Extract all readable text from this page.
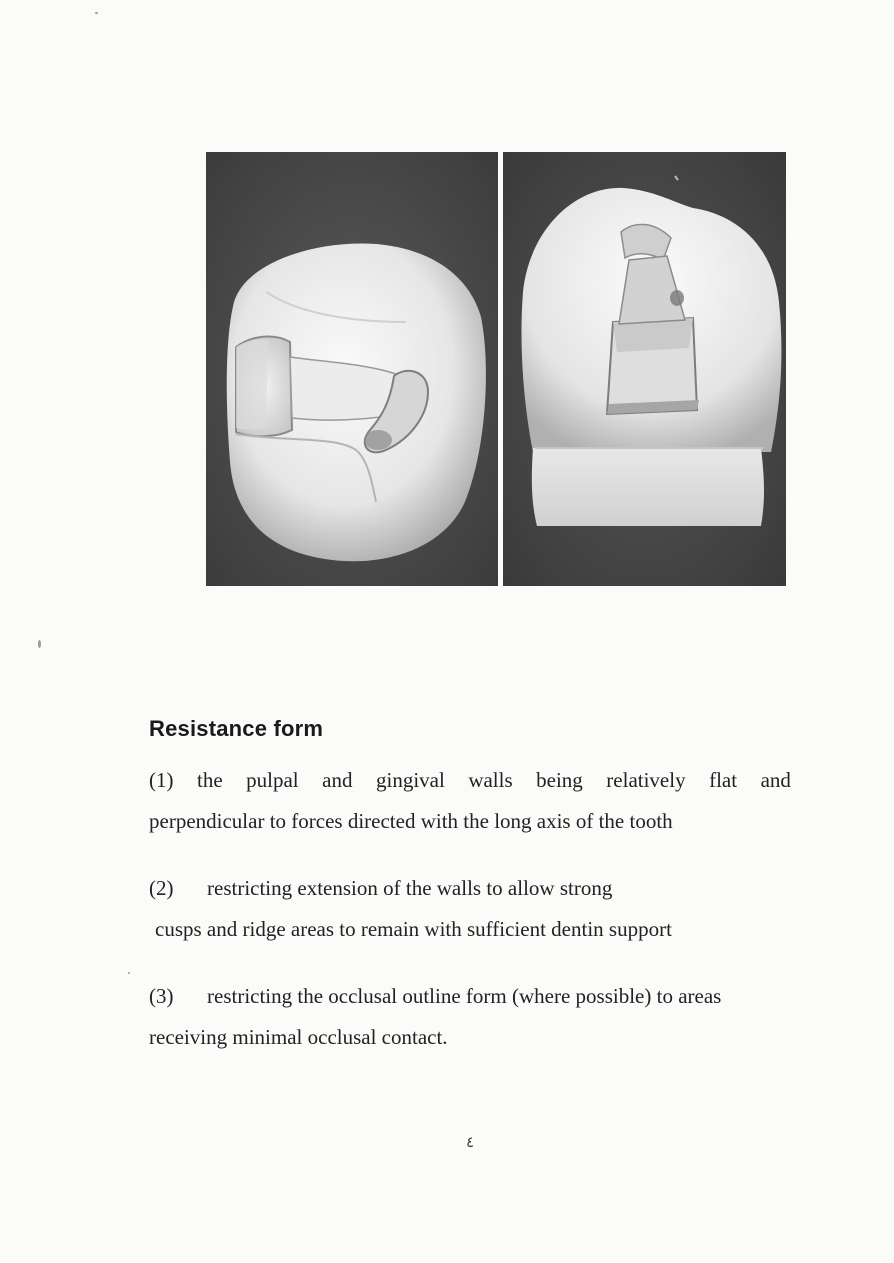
Resistance form
(1) the pulpal and gingival walls being relatively flat and
perpendicular to forces directed with the long axis of the tooth
(2) restricting extension of the walls to allow strong
cusps and ridge areas to remain with sufficient dentin support
(3) restricting the occlusal outline form (where possible) to areas
receiving minimal occlusal contact.
٤
